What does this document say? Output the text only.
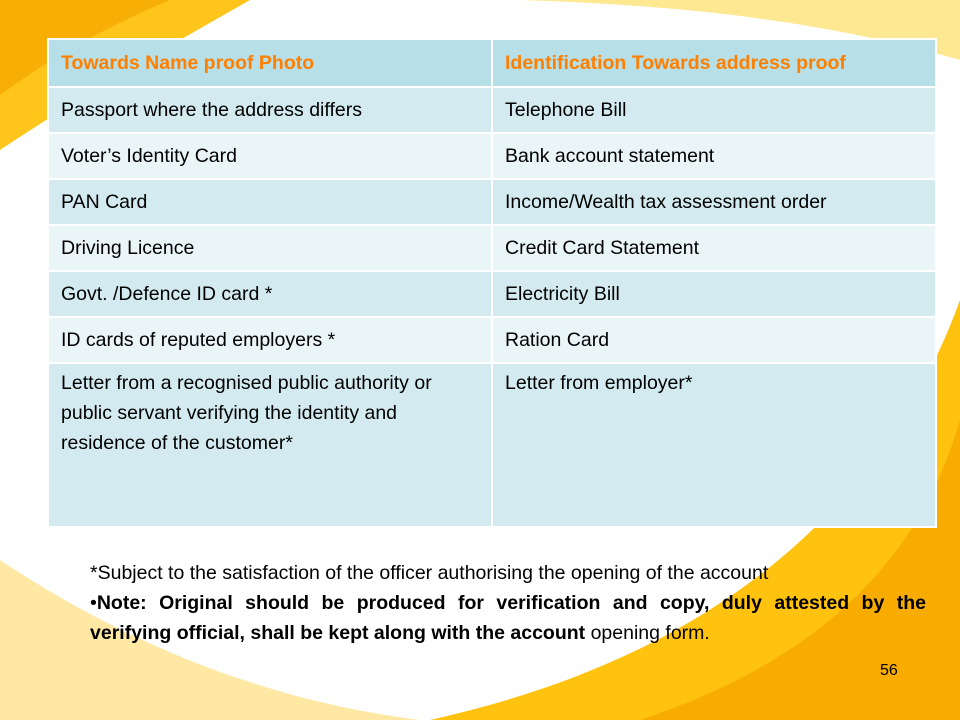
Towards Name proof Photo	Identification Towards address proof
Passport where the address differs	Telephone Bill
Voter’s Identity Card	Bank account statement
PAN Card	Income/Wealth tax assessment order
Driving Licence	Credit Card Statement
Govt. /Defence ID card *	Electricity Bill
ID cards of reputed employers *	Ration Card
Letter from a recognised public authority or public servant verifying the identity and residence of the customer*	Letter from employer*

*Subject to the satisfaction of the officer authorising the opening of the account

•Note: Original should be produced for verification and copy, duly attested by the verifying official, shall be kept along with the account opening form.

56
